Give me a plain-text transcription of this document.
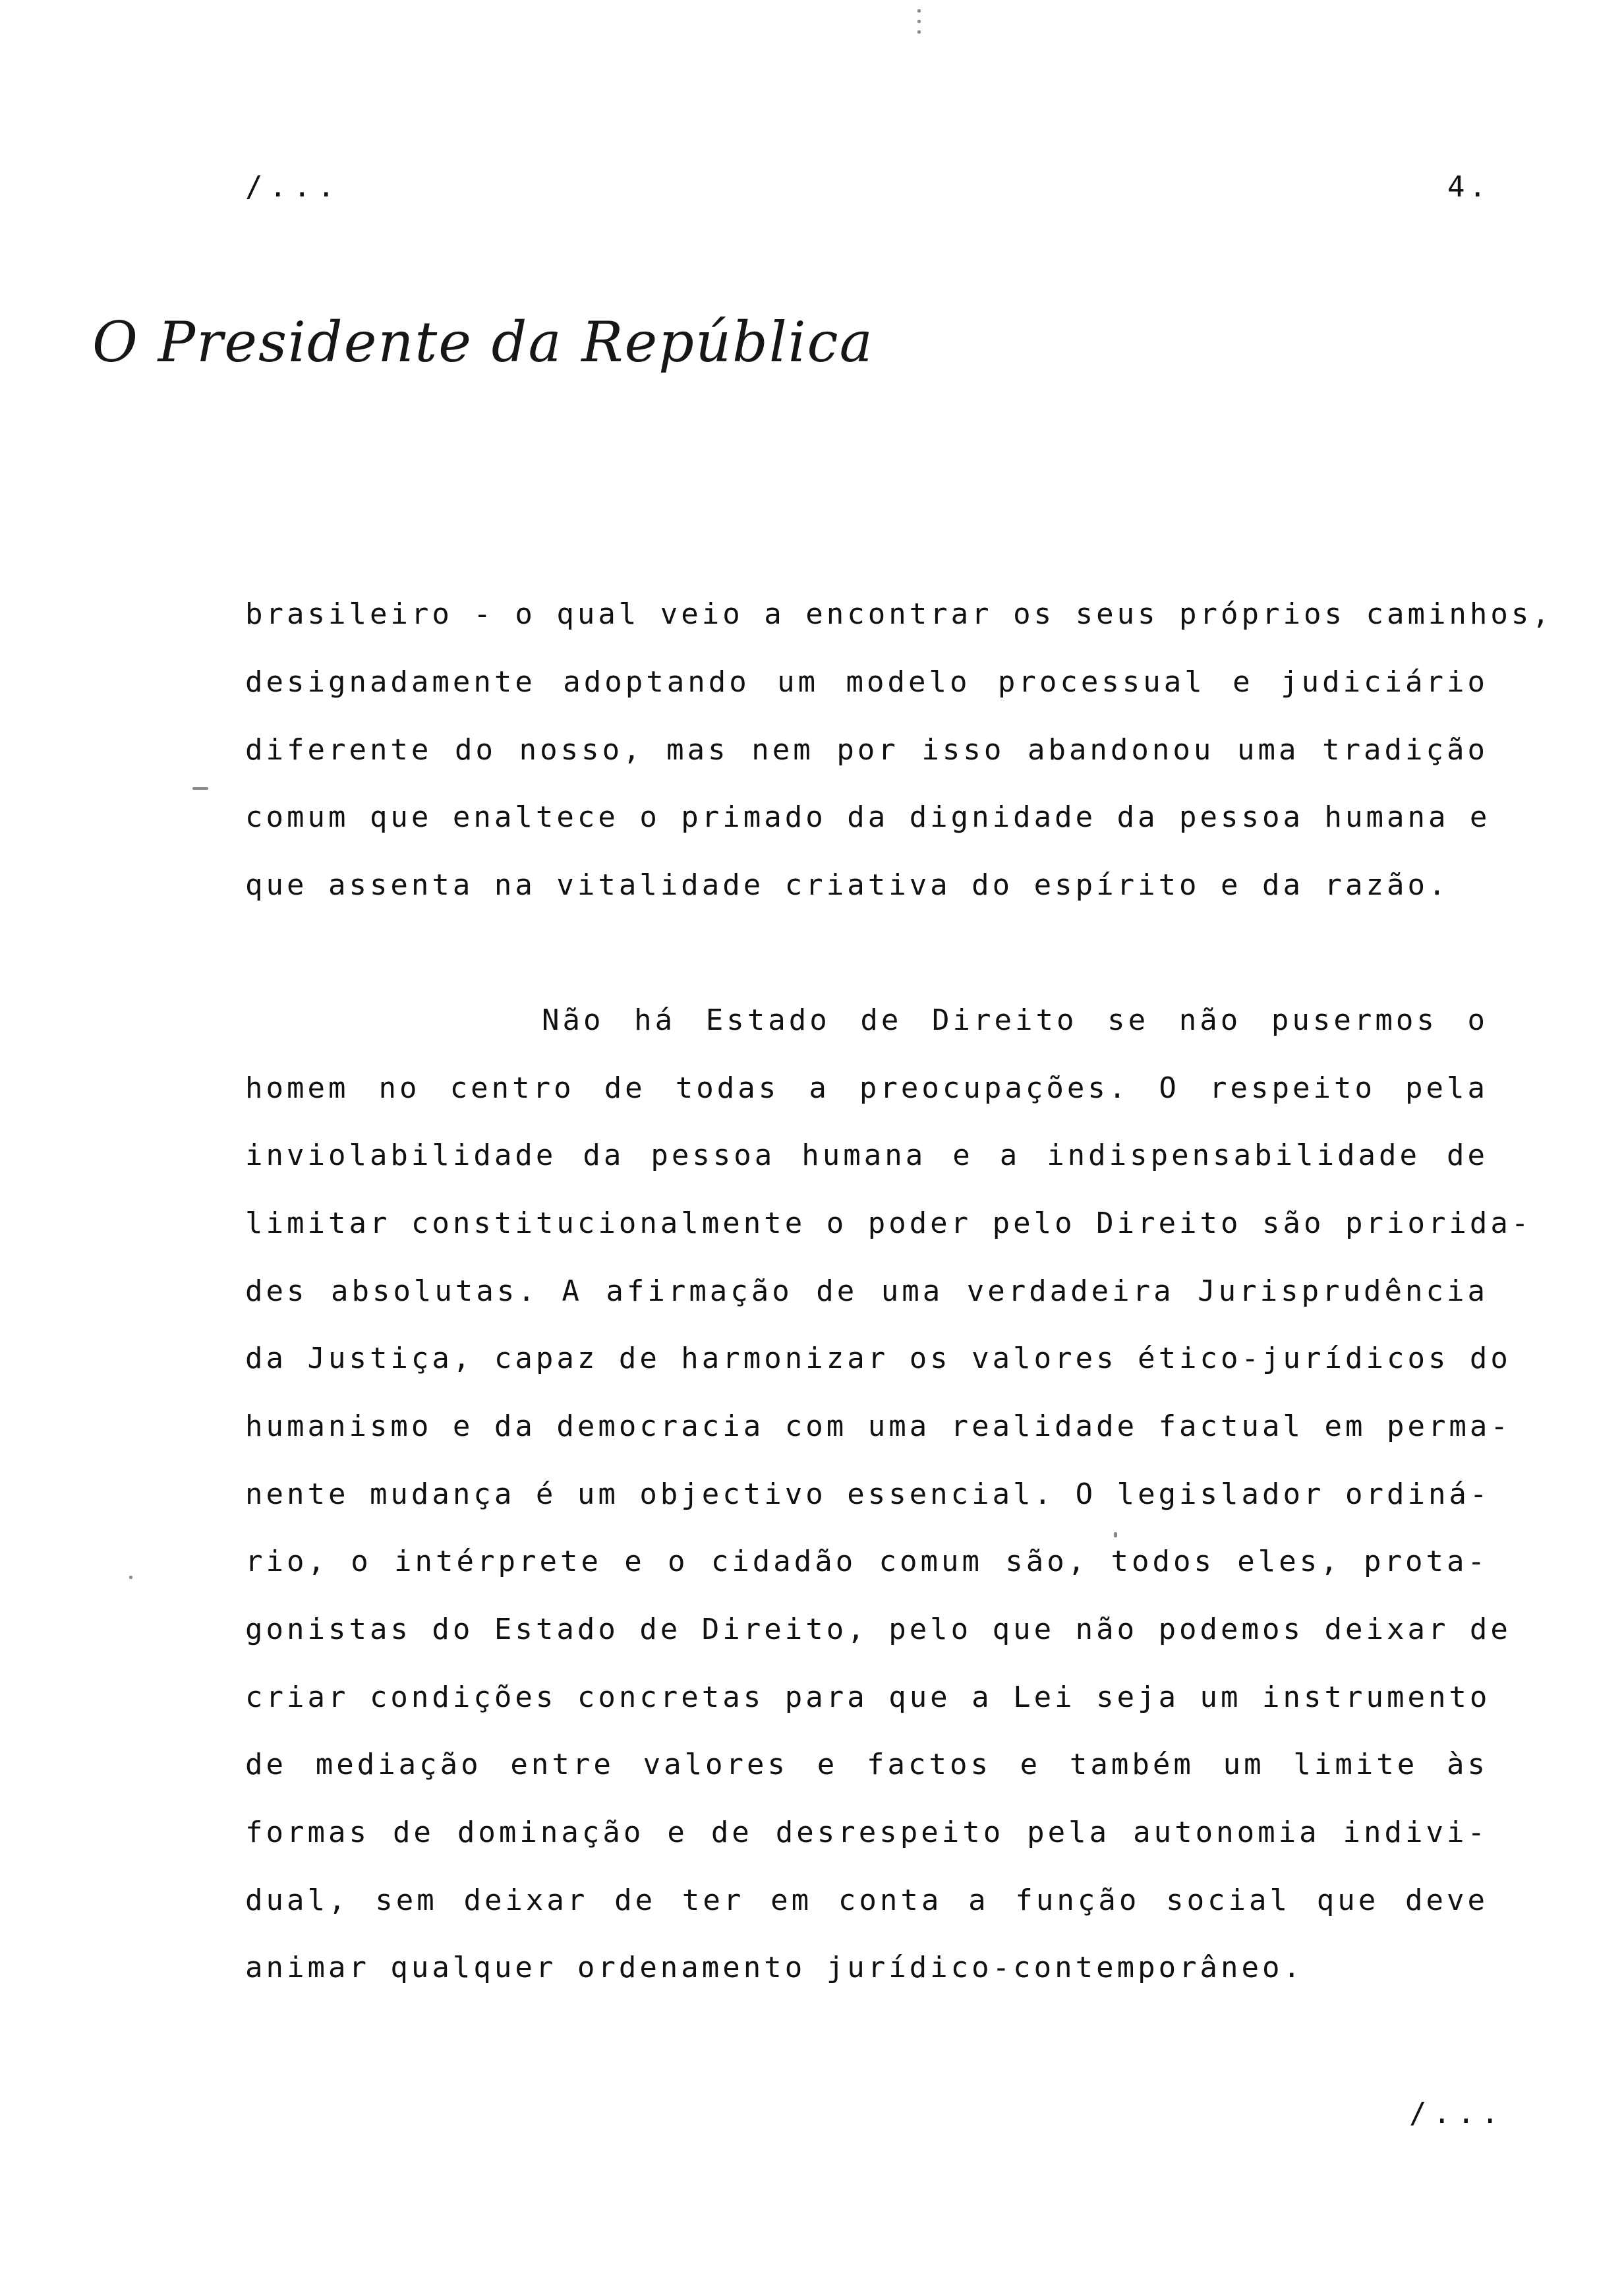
/...	4.
O Presidente da República
brasileiro - o qual veio a encontrar os seus próprios caminhos,
designadamente adoptando um modelo processual e judiciário
diferente do nosso, mas nem por isso abandonou uma tradição
comum que enaltece o primado da dignidade da pessoa humana e
que assenta na vitalidade criativa do espírito e da razão.
Não há Estado de Direito se não pusermos o
homem no centro de todas a preocupações. O respeito pela
inviolabilidade da pessoa humana e a indispensabilidade de
limitar constitucionalmente o poder pelo Direito são priorida-
des absolutas. A afirmação de uma verdadeira Jurisprudência
da Justiça, capaz de harmonizar os valores ético-jurídicos do
humanismo e da democracia com uma realidade factual em perma-
nente mudança é um objectivo essencial. O legislador ordiná-
rio, o intérprete e o cidadão comum são, todos eles, prota-
gonistas do Estado de Direito, pelo que não podemos deixar de
criar condições concretas para que a Lei seja um instrumento
de mediação entre valores e factos e também um limite às
formas de dominação e de desrespeito pela autonomia indivi-
dual, sem deixar de ter em conta a função social que deve
animar qualquer ordenamento jurídico-contemporâneo.
/...
